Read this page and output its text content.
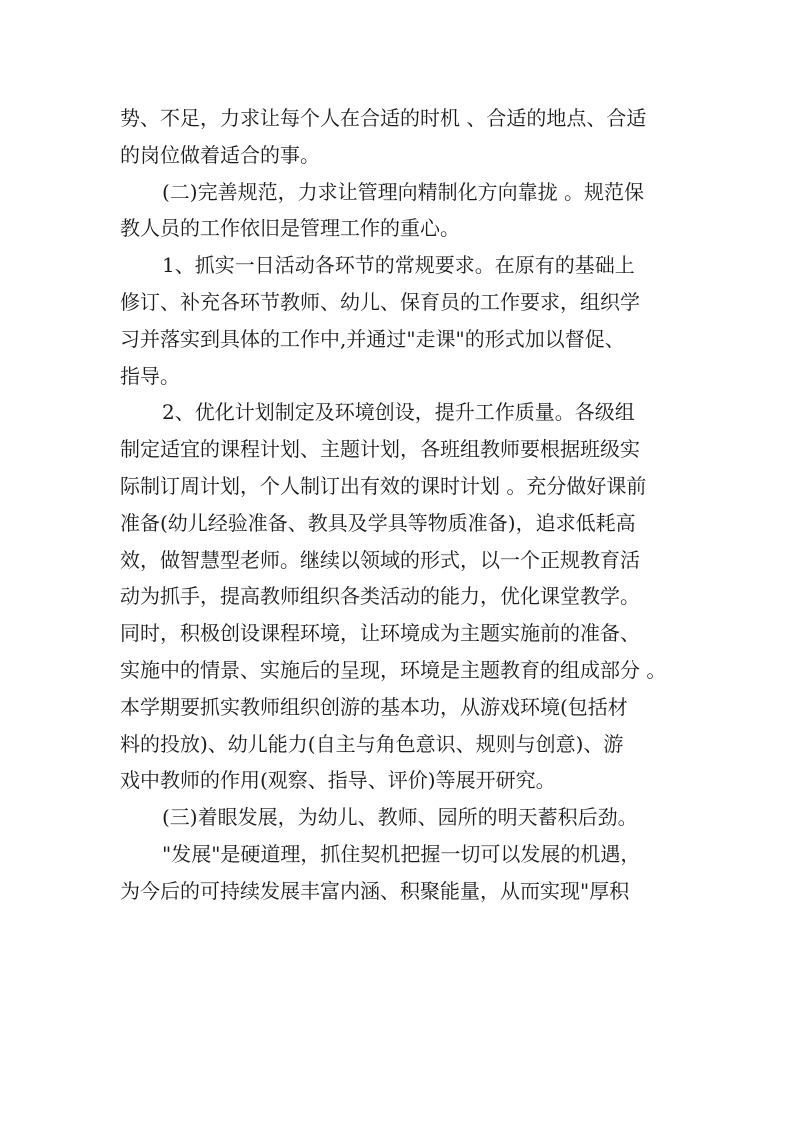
势、不足，力求让每个人在合适的时机 、合适的地点、合适
的岗位做着适合的事。
(二)完善规范，力求让管理向精制化方向靠拢 。规范保
教人员的工作依旧是管理工作的重心。
1、抓实一日活动各环节的常规要求。在原有的基础上
修订、补充各环节教师、幼儿、保育员的工作要求，组织学
习并落实到具体的工作中,并通过"走课"的形式加以督促、
指导。
2、优化计划制定及环境创设，提升工作质量。各级组
制定适宜的课程计划、主题计划，各班组教师要根据班级实
际制订周计划，个人制订出有效的课时计划 。充分做好课前
准备(幼儿经验准备、教具及学具等物质准备)，追求低耗高
效，做智慧型老师。继续以领域的形式，以一个正规教育活
动为抓手，提高教师组织各类活动的能力，优化课堂教学。
同时，积极创设课程环境，让环境成为主题实施前的准备、
实施中的情景、实施后的呈现，环境是主题教育的组成部分 。
本学期要抓实教师组织创游的基本功，从游戏环境(包括材
料的投放)、幼儿能力(自主与角色意识、规则与创意)、游
戏中教师的作用(观察、指导、评价)等展开研究。
(三)着眼发展，为幼儿、教师、园所的明天蓄积后劲。
"发展"是硬道理，抓住契机把握一切可以发展的机遇，
为今后的可持续发展丰富内涵、积聚能量，从而实现"厚积
